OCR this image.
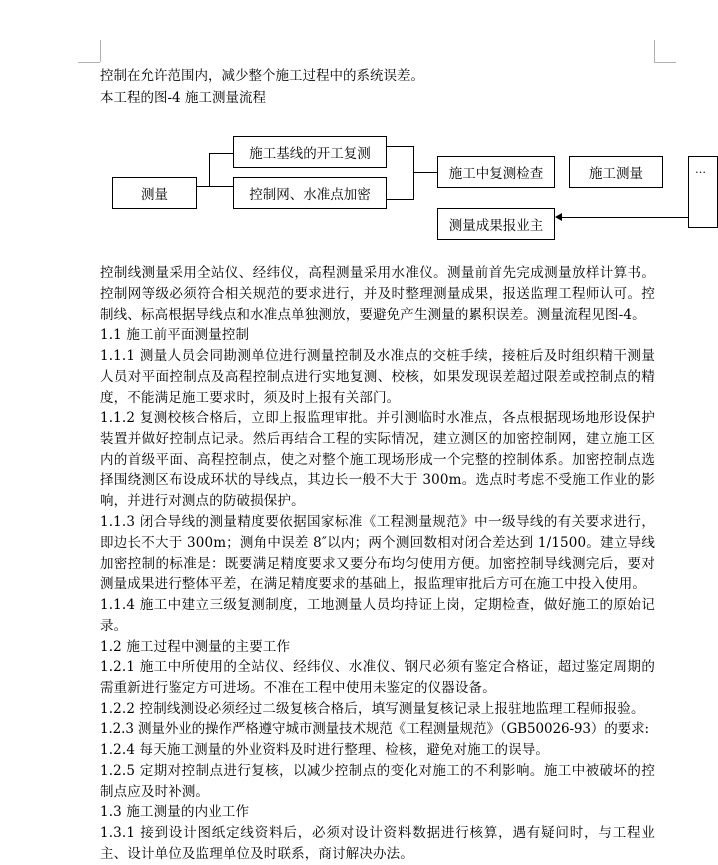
控制在允许范围内，减少整个施工过程中的系统误差。
本工程的图-4 施工测量流程
测量
施工基线的开工复测
控制网、水准点加密
施工中复测检查	施工测量
测量成果报业主
…
控制线测量采用全站仪、经纬仪，高程测量采用水准仪。测量前首先完成测量放样计算书。控制网等级必须符合相关规范的要求进行，并及时整理测量成果，报送监理工程师认可。控制线、标高根据导线点和水准点单独测放，要避免产生测量的累积误差。测量流程见图-4。
1.1 施工前平面测量控制
1.1.1 测量人员会同勘测单位进行测量控制及水准点的交桩手续，接桩后及时组织精干测量人员对平面控制点及高程控制点进行实地复测、校核，如果发现误差超过限差或控制点的精度，不能满足施工要求时，须及时上报有关部门。
1.1.2 复测校核合格后，立即上报监理审批。并引测临时水准点，各点根据现场地形设保护装置并做好控制点记录。然后再结合工程的实际情况，建立测区的加密控制网，建立施工区内的首级平面、高程控制点，使之对整个施工现场形成一个完整的控制体系。加密控制点选择围绕测区布设成环状的导线点，其边长一般不大于 300m。选点时考虑不受施工作业的影响，并进行对测点的防破损保护。
1.1.3 闭合导线的测量精度要依据国家标准《工程测量规范》中一级导线的有关要求进行，即边长不大于 300m；测角中误差 8″以内；两个测回数相对闭合差达到 1/1500。建立导线加密控制的标准是：既要满足精度要求又要分布均匀使用方便。加密控制导线测完后，要对测量成果进行整体平差，在满足精度要求的基础上，报监理审批后方可在施工中投入使用。
1.1.4 施工中建立三级复测制度，工地测量人员均持证上岗，定期检查，做好施工的原始记录。
1.2 施工过程中测量的主要工作
1.2.1 施工中所使用的全站仪、经纬仪、水准仪、钢尺必须有鉴定合格证，超过鉴定周期的需重新进行鉴定方可进场。不准在工程中使用未鉴定的仪器设备。
1.2.2 控制线测设必须经过二级复核合格后，填写测量复核记录上报驻地监理工程师报验。
1.2.3 测量外业的操作严格遵守城市测量技术规范《工程测量规范》（GB50026-93）的要求:
1.2.4 每天施工测量的外业资料及时进行整理、检核，避免对施工的误导。
1.2.5 定期对控制点进行复核，以减少控制点的变化对施工的不利影响。施工中被破坏的控制点应及时补测。
1.3 施工测量的内业工作
1.3.1 接到设计图纸定线资料后，必须对设计资料数据进行核算，遇有疑问时，与工程业主、设计单位及监理单位及时联系，商讨解决办法。
